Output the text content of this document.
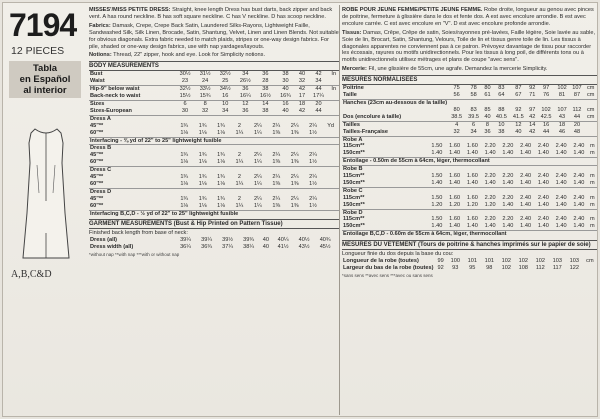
7194
12 PIECES
Tabla
en Español
al interior
A,B,C&D

MISSES'/MISS PETITE DRESS: Straight, knee length Dress has bust darts, back zipper and back vent. A has round neckline. B has soft square neckline. C has V neckline. D has scoop neckline.

Fabrics: Damask, Crepe, Crepe Back Satin, Laundered Silks-Rayons, Lightweight Faille, Sandwashed Silk, Silk Linen, Brocade, Satin, Shantung, Velvet, Linen and Linen Blends. Not suitable for obvious diagonals. Extra fabric needed to match plaids, stripes or one-way design fabrics. For pile, shaded or one-way design fabrics, use with nap yardages/layouts.

Notions: Thread, 22" zipper, hook and eye. Look for Simplicity notions.

BODY MEASUREMENTS
Bust	30½	31½	32½	34	36	38	40	42	In
Waist	23	24	25	26½	28	30	32	34	
Hip-9" below waist	32½	33½	34½	36	38	40	42	44	In
Back-neck to waist	15½	15¾	16	16¼	16½	16¾	17	17¼	
Sizes	6	8	10	12	14	16	18	20	
Sizes-European	30	32	34	36	38	40	42	44	
Dress A									
45"**	1¾	1¾	1¾	2	2¼	2¼	2¼	2¼	Yd
60"**	1⅛	1⅛	1⅛	1¼	1¼	1⅜	1⅜	1½	
Interfacing - ⅜ yd of 22" to 25" lightweight fusible									
Dress B									
45"**	1¾	1¾	1¾	2	2¼	2¼	2¼	2¼	
60"**	1⅛	1⅛	1⅛	1¼	1¼	1⅜	1⅜	1½	
Dress C									
45"**	1¾	1¾	1¾	2	2¼	2¼	2¼	2¼	
60"**	1⅛	1⅛	1⅛	1¼	1¼	1⅜	1⅜	1½	
Dress D									
45"**	1¾	1¾	1¾	2	2¼	2¼	2¼	2¼	
60"**	1⅛	1⅛	1⅛	1¼	1¼	1⅜	1⅜	1½	
Interfacing B,C,D - ½ yd of 22" to 25" lightweight fusible									
GARMENT MEASUREMENTS (Bust & Hip Printed on Pattern Tissue)
Finished back length from base of neck:
Dress (all)	39¼	39¼	39½	39¾	40	40¼	40½	40¾	
Dress width (all)	36¼	36¾	37¼	38¼	40	41½	43½	45½	
*without nap **with nap ***with or without nap

ROBE POUR JEUNE FEMME/PETITE JEUNE FEMME. Robe droite, longueur au genou avec pinces de poitrine, fermeture à glissière dans le dos et fente dos. A est avec encolure arrondie. B est avec encolure carrée. C est avec encolure en "V". D est avec encolure profonde arrondie.

Tissus: Damas, Crêpe, Crêpe de satin, Soies/rayonnes pré-lavées, Faille légère, Soie lavée au sable, Soie de lin, Brocart, Satin, Shantung, Velours, Toile de lin et tissus genre toile de lin. Les tissus à diagonales apparentes ne conviennent pas à ce patron. Prévoyez davantage de tissu pour raccorder les écossais, rayures ou motifs unidirectionnels. Pour les tissus à long poil, de différents tons ou à motifs unidirectionnels utilisez métrages et plans de coupe "avec sens".

Mercerie: Fil, une glissière de 55cm, une agrafe. Demandez la mercerie Simplicity.

MESURES NORMALISEES
Poitrine	75	78	80	83	87	92	97	102	107	cm
Taille	56	58	61	64	67	71	76	81	87	cm
Hanches (23cm au-dessous de la taille)										
	80	83	85	88	92	97	102	107	112	cm
Dos (encolure à taille)	38.5	39.5	40	40.5	41.5	42	42.5	43	44	cm
Tailles	4	6	8	10	12	14	16	18	20	
Tailles-Française	32	34	36	38	40	42	44	46	48	
Robe A										
115cm**	1.50	1.60	1.60	2.20	2.20	2.40	2.40	2.40	2.40	m
150cm**	1.40	1.40	1.40	1.40	1.40	1.40	1.40	1.40	1.40	m
Entoilage - 0.50m de 55cm à 64cm, léger, thermocollant										
Robe B										
115cm**	1.50	1.60	1.60	2.20	2.20	2.40	2.40	2.40	2.40	m
150cm**	1.40	1.40	1.40	1.40	1.40	1.40	1.40	1.40	1.40	m
Robe C										
115cm**	1.50	1.60	1.60	2.20	2.20	2.40	2.40	2.40	2.40	m
150cm**	1.20	1.20	1.20	1.20	1.40	1.40	1.40	1.40	1.40	m
Robe D										
115cm**	1.50	1.60	1.60	2.20	2.20	2.40	2.40	2.40	2.40	m
150cm**	1.40	1.40	1.40	1.40	1.40	1.40	1.40	1.40	1.40	m
Entoilage B,C,D - 0.60m de 55cm à 64cm, léger, thermocollant										
MESURES DU VETEMENT (Tours de poitrine & hanches imprimés sur le papier de soie)
Longueur finie du dos depuis la base du cou:
Longueur de la robe (toutes)	99	100	101	101	102	102	102	103	103	cm
Largeur du bas de la robe (toutes)	92	93	95	98	102	108	112	117	122	
*sans sens **avec sens ***avec ou sans sens
